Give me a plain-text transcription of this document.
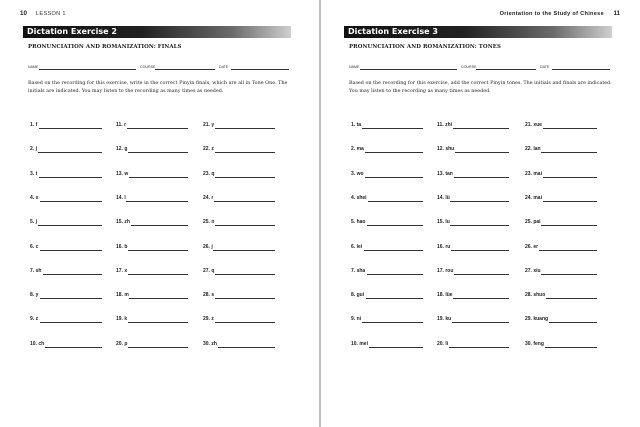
10 LESSON 1
Dictation Exercise 2
PRONUNCIATION AND ROMANIZATION: FINALS
NAME	COURSE	DATE
Based on the recording for this exercise, write in the correct Pinyin finals, which are all in Tone One. The initials are indicated. You may listen to the recording as many times as needed.
1. f
2. j
3. t
4. x
5. j
6. c
7. sh
8. y
9. z
10. ch
11. r
12. g
13. w
14. l
15. zh
16. b
17. x
18. m
19. k
20. p
21. y
22. z
23. q
24. r
25. n
26. j
27. q
28. s
29. z
30. zh
11
Orientation to the Study of Chinese
Dictation Exercise 3
PRONUNCIATION AND ROMANIZATION: TONES
NAME	COURSE	DATE
Based on the recording for this exercise, add the correct Pinyin tones. The initials and finals are indicated. You may listen to the recording as many times as needed.
1. ta
2. ma
3. wo
4. shei
5. hao
6. lei
7. sha
8. gui
9. ni
10. mei
11. zhi
12. shu
13. tan
14. lü
15. lu
16. ru
17. rou
18. lüe
19. ku
20. li
21. xue
22. lan
23. mai
24. mai
25. pai
26. er
27. xiu
28. shuo
29. kuang
30. feng
